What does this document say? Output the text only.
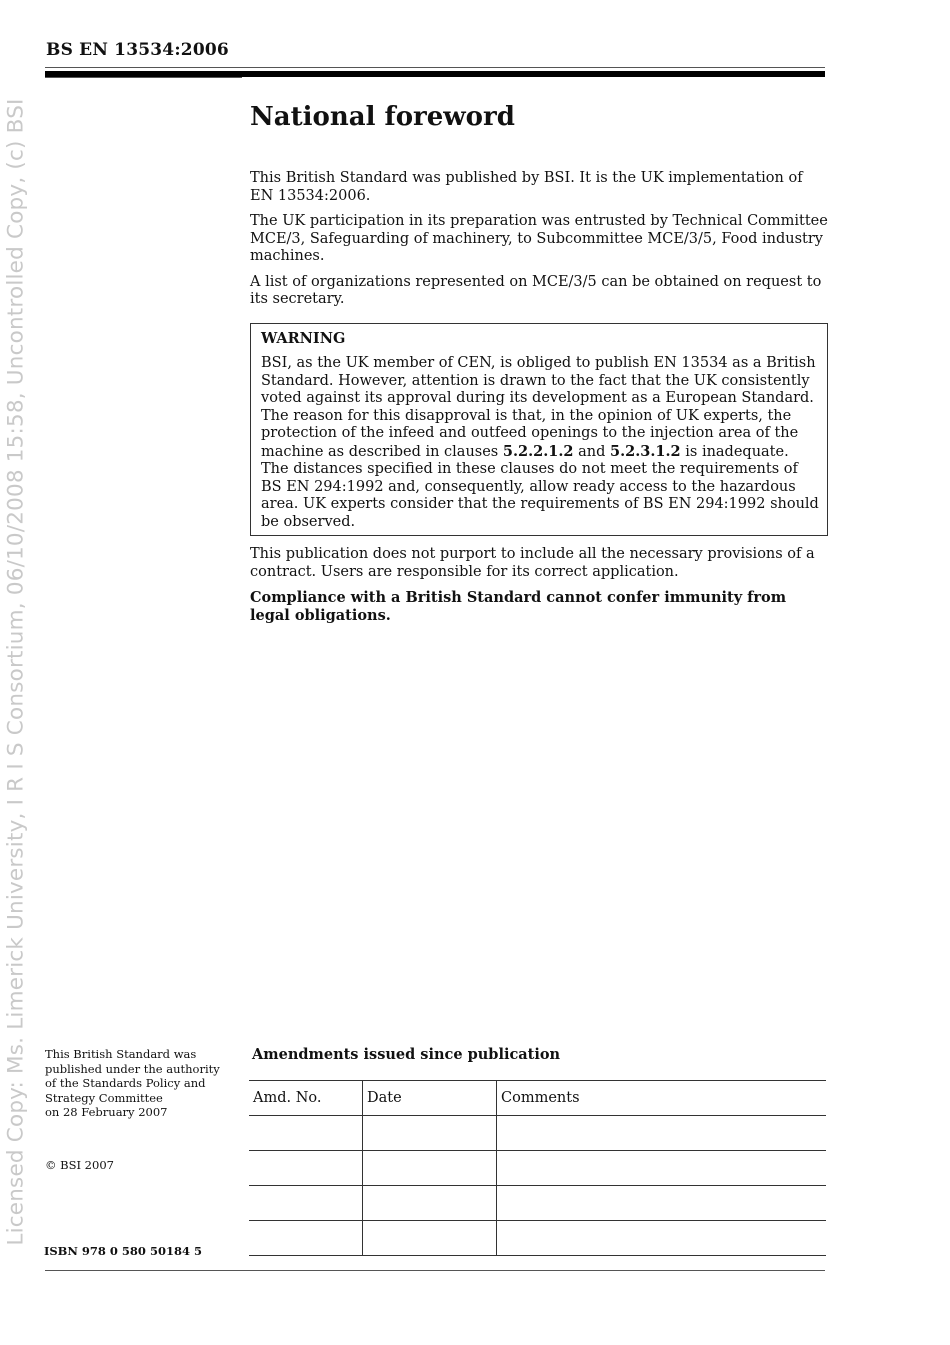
Licensed Copy: Ms. Limerick University, I R I S Consortium, 06/10/2008 15:58, Uncontrolled Copy, (c) BSI
BS EN 13534:2006
National foreword

This British Standard was published by BSI. It is the UK implementation of EN 13534:2006.

The UK participation in its preparation was entrusted by Technical Committee MCE/3, Safeguarding of machinery, to Subcommittee MCE/3/5, Food industry machines.

A list of organizations represented on MCE/3/5 can be obtained on request to its secretary.

WARNING
BSI, as the UK member of CEN, is obliged to publish EN 13534 as a British Standard. However, attention is drawn to the fact that the UK consistently voted against its approval during its development as a European Standard. The reason for this disapproval is that, in the opinion of UK experts, the protection of the infeed and outfeed openings to the injection area of the machine as described in clauses 5.2.2.1.2 and 5.2.3.1.2 is inadequate. The distances specified in these clauses do not meet the requirements of BS EN 294:1992 and, consequently, allow ready access to the hazardous area. UK experts consider that the requirements of BS EN 294:1992 should be observed.

This publication does not purport to include all the necessary provisions of a contract. Users are responsible for its correct application.

Compliance with a British Standard cannot confer immunity from legal obligations.

This British Standard was
published under the authority
of the Standards Policy and
Strategy Committee
on 28 February 2007
© BSI 2007
ISBN 978 0 580 50184 5
Amendments issued since publication
Amd. No.	Date	Comments
